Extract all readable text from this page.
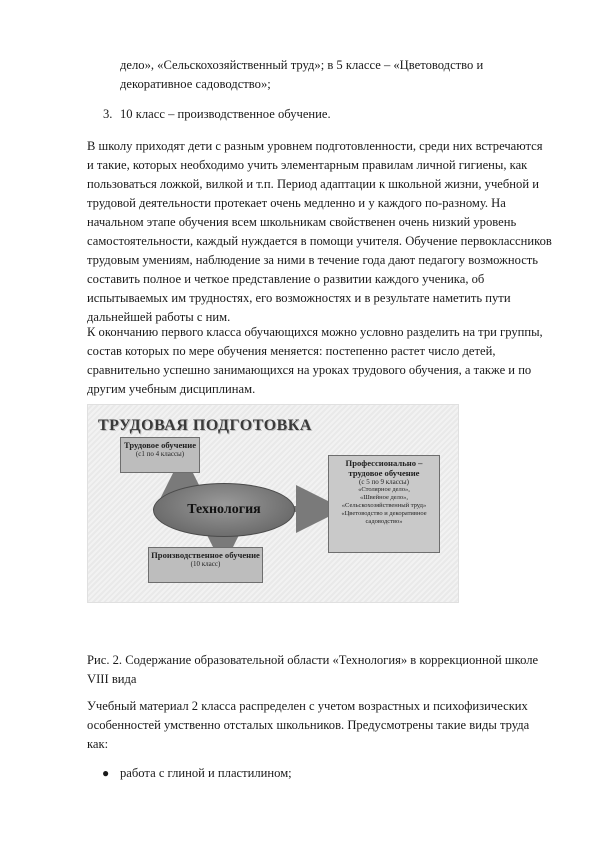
дело», «Сельскохозяйственный труд»; в 5 классе – «Цветоводство и

декоративное садоводство»;

3. 10 класс – производственное обучение.

В школу приходят дети с разным уровнем подготовленности, среди них встречаются и такие, которых необходимо учить элементарным правилам личной гигиены, как пользоваться ложкой, вилкой и т.п. Период адаптации к школьной жизни, учебной и трудовой деятельности протекает очень медленно и у каждого по-разному. На начальном этапе обучения всем школьникам свойственен очень низкий уровень самостоятельности, каждый нуждается в помощи учителя. Обучение первоклассников трудовым умениям, наблюдение за ними в течение года дают педагогу возможность составить полное и четкое представление о развитии каждого ученика, об испытываемых им трудностях, его возможностях и в результате наметить пути дальнейшей работы с ним.

К окончанию первого класса обучающихся можно условно разделить на три группы, состав которых по мере обучения меняется: постепенно растет число детей, сравнительно успешно занимающихся на уроках трудового обучения, а также и по другим учебным дисциплинам.

ТРУДОВАЯ ПОДГОТОВКА
Трудовое обучение
(с1 по 4 классы)
Технология
Производственное обучение
(10 класс)
Профессионально – трудовое обучение
(с 5 по 9 классы)
«Столярное дело»,
«Швейное дело»,
«Сельскохозяйственный труд»
«Цветоводство и декоративное садоводство»

Рис. 2. Содержание образовательной области «Технология» в коррекционной школе VIII вида

Учебный материал 2 класса распределен с учетом возрастных и психофизических особенностей умственно отсталых школьников. Предусмотрены такие виды труда как:

● работа с глиной и пластилином;
